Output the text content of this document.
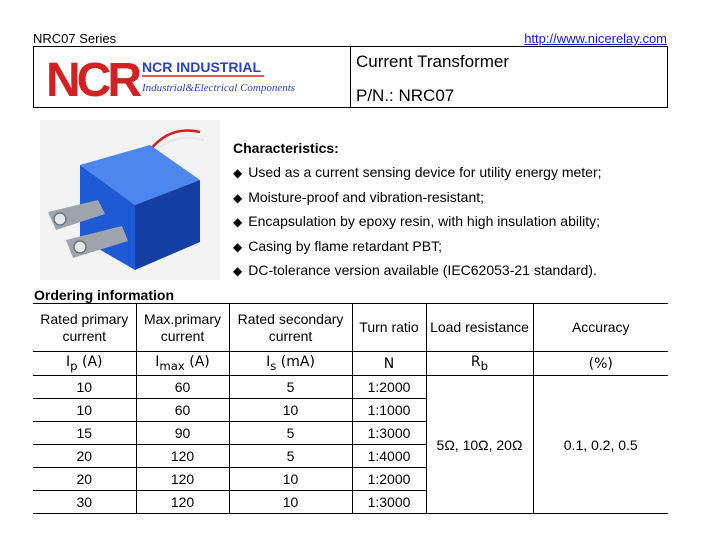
NRC07 Series	http://www.nicerelay.com
NCR NCR INDUSTRIAL
Industrial&Electrical Components
Current Transformer
P/N.: NRC07
Characteristics:
◆ Used as a current sensing device for utility energy meter;
◆ Moisture-proof and vibration-resistant;
◆ Encapsulation by epoxy resin, with high insulation ability;
◆ Casing by flame retardant PBT;
◆ DC-tolerance version available (IEC62053-21 standard).
Ordering information
Rated primary current	Max.primary current	Rated secondary current	Turn ratio	Load resistance	Accuracy
$I_p$ (A)	$I_{max}$ (A)	$I_s$ (mA)	N	$R_b$	(%)
10	60	5	1:2000	5Ω, 10Ω, 20Ω	0.1, 0.2, 0.5
10	60	10	1:1000		
15	90	5	1:3000		
20	120	5	1:4000		
20	120	10	1:2000		
30	120	10	1:3000		
